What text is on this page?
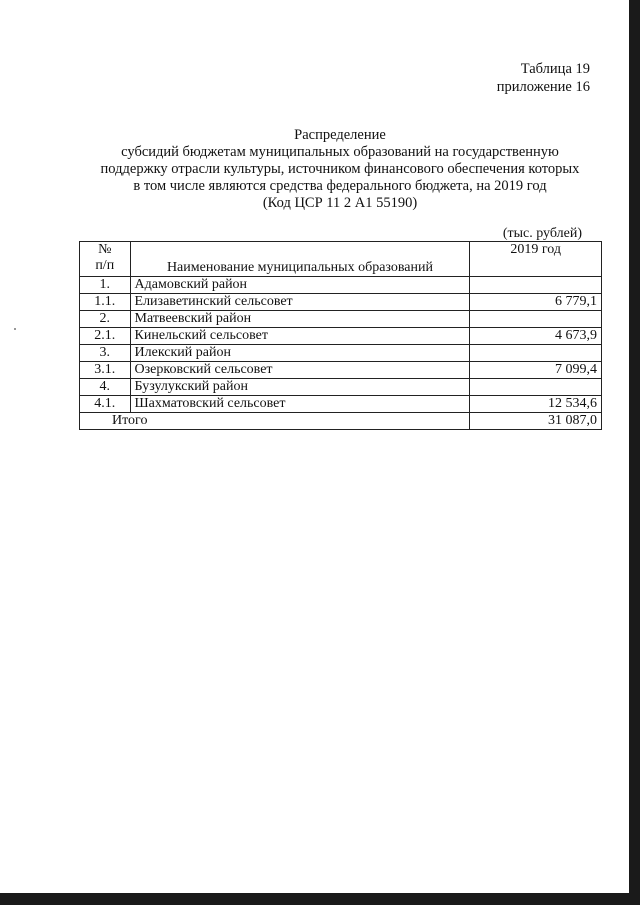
Таблица 19
приложение 16
Распределение
субсидий бюджетам муниципальных образований на государственную
поддержку отрасли культуры, источником финансового обеспечения которых
в том числе являются средства федерального бюджета, на 2019 год
(Код ЦСР 11 2 А1 55190)
(тыс. рублей)
№
п/п	Наименование муниципальных образований	2019 год
1.	Адамовский район	
1.1.	Елизаветинский сельсовет	6 779,1
2.	Матвеевский район	
2.1.	Кинельский сельсовет	4 673,9
3.	Илекский район	
3.1.	Озерковский сельсовет	7 099,4
4.	Бузулукский район	
4.1.	Шахматовский сельсовет	12 534,6
Итого		31 087,0
